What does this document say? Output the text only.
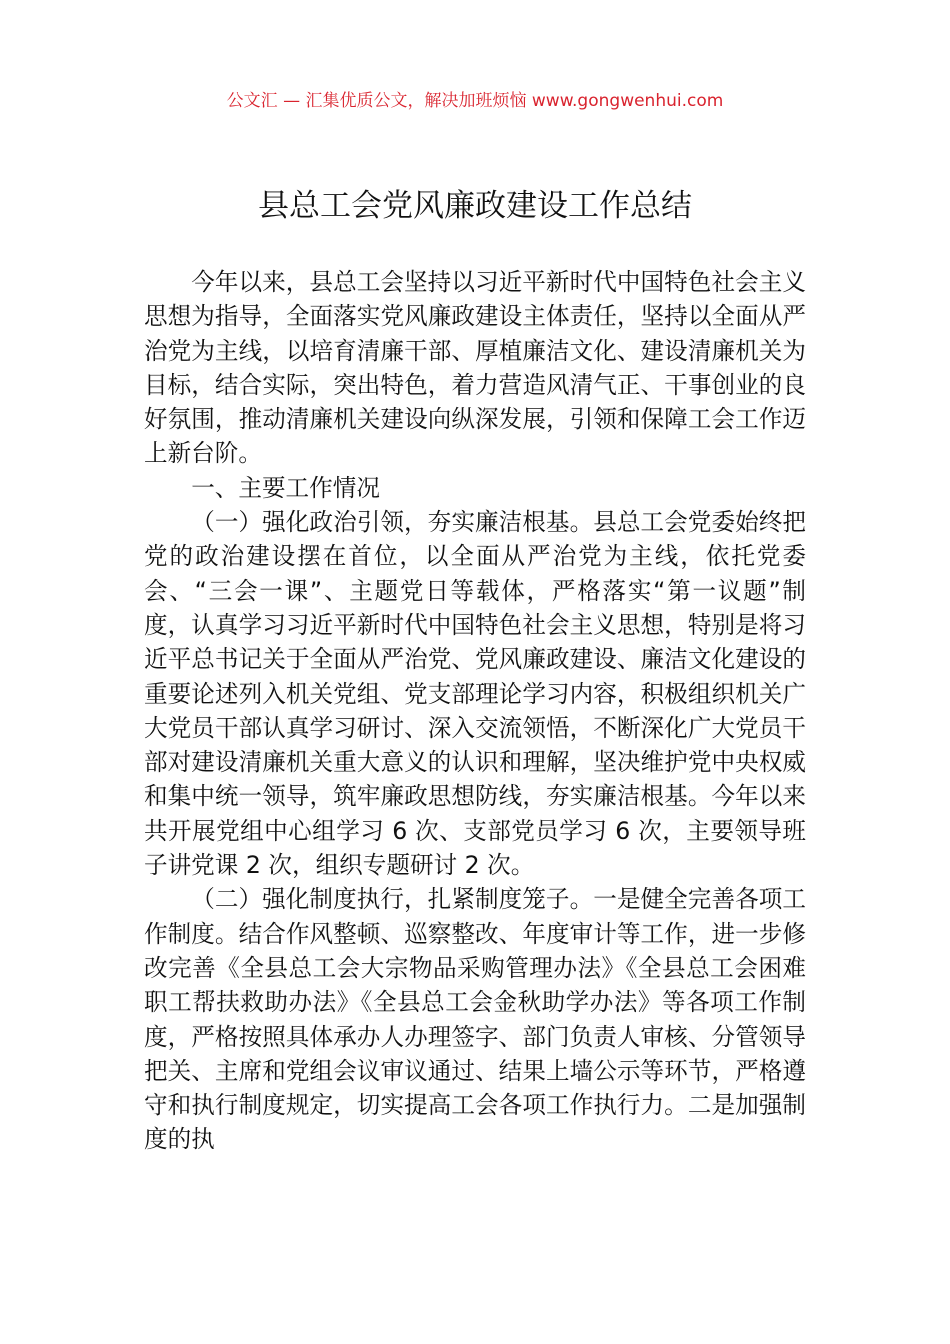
公文汇 — 汇集优质公文，解决加班烦恼 www.gongwenhui.com
县总工会党风廉政建设工作总结

今年以来，县总工会坚持以习近平新时代中国特色社会主义思想为指导，全面落实党风廉政建设主体责任，坚持以全面从严治党为主线，以培育清廉干部、厚植廉洁文化、建设清廉机关为目标，结合实际，突出特色，着力营造风清气正、干事创业的良好氛围，推动清廉机关建设向纵深发展，引领和保障工会工作迈上新台阶。

一、主要工作情况

（一）强化政治引领，夯实廉洁根基。县总工会党委始终把党的政治建设摆在首位，以全面从严治党为主线，依托党委会、“三会一课”、主题党日等载体，严格落实“第一议题”制度，认真学习习近平新时代中国特色社会主义思想，特别是将习近平总书记关于全面从严治党、党风廉政建设、廉洁文化建设的重要论述列入机关党组、党支部理论学习内容，积极组织机关广大党员干部认真学习研讨、深入交流领悟，不断深化广大党员干部对建设清廉机关重大意义的认识和理解，坚决维护党中央权威和集中统一领导，筑牢廉政思想防线，夯实廉洁根基。今年以来共开展党组中心组学习 6 次、支部党员学习 6 次，主要领导班子讲党课 2 次，组织专题研讨 2 次。

（二）强化制度执行，扎紧制度笼子。一是健全完善各项工作制度。结合作风整顿、巡察整改、年度审计等工作，进一步修改完善《全县总工会大宗物品采购管理办法》《全县总工会困难职工帮扶救助办法》《全县总工会金秋助学办法》等各项工作制度，严格按照具体承办人办理签字、部门负责人审核、分管领导把关、主席和党组会议审议通过、结果上墙公示等环节，严格遵守和执行制度规定，切实提高工会各项工作执行力。二是加强制度的执
